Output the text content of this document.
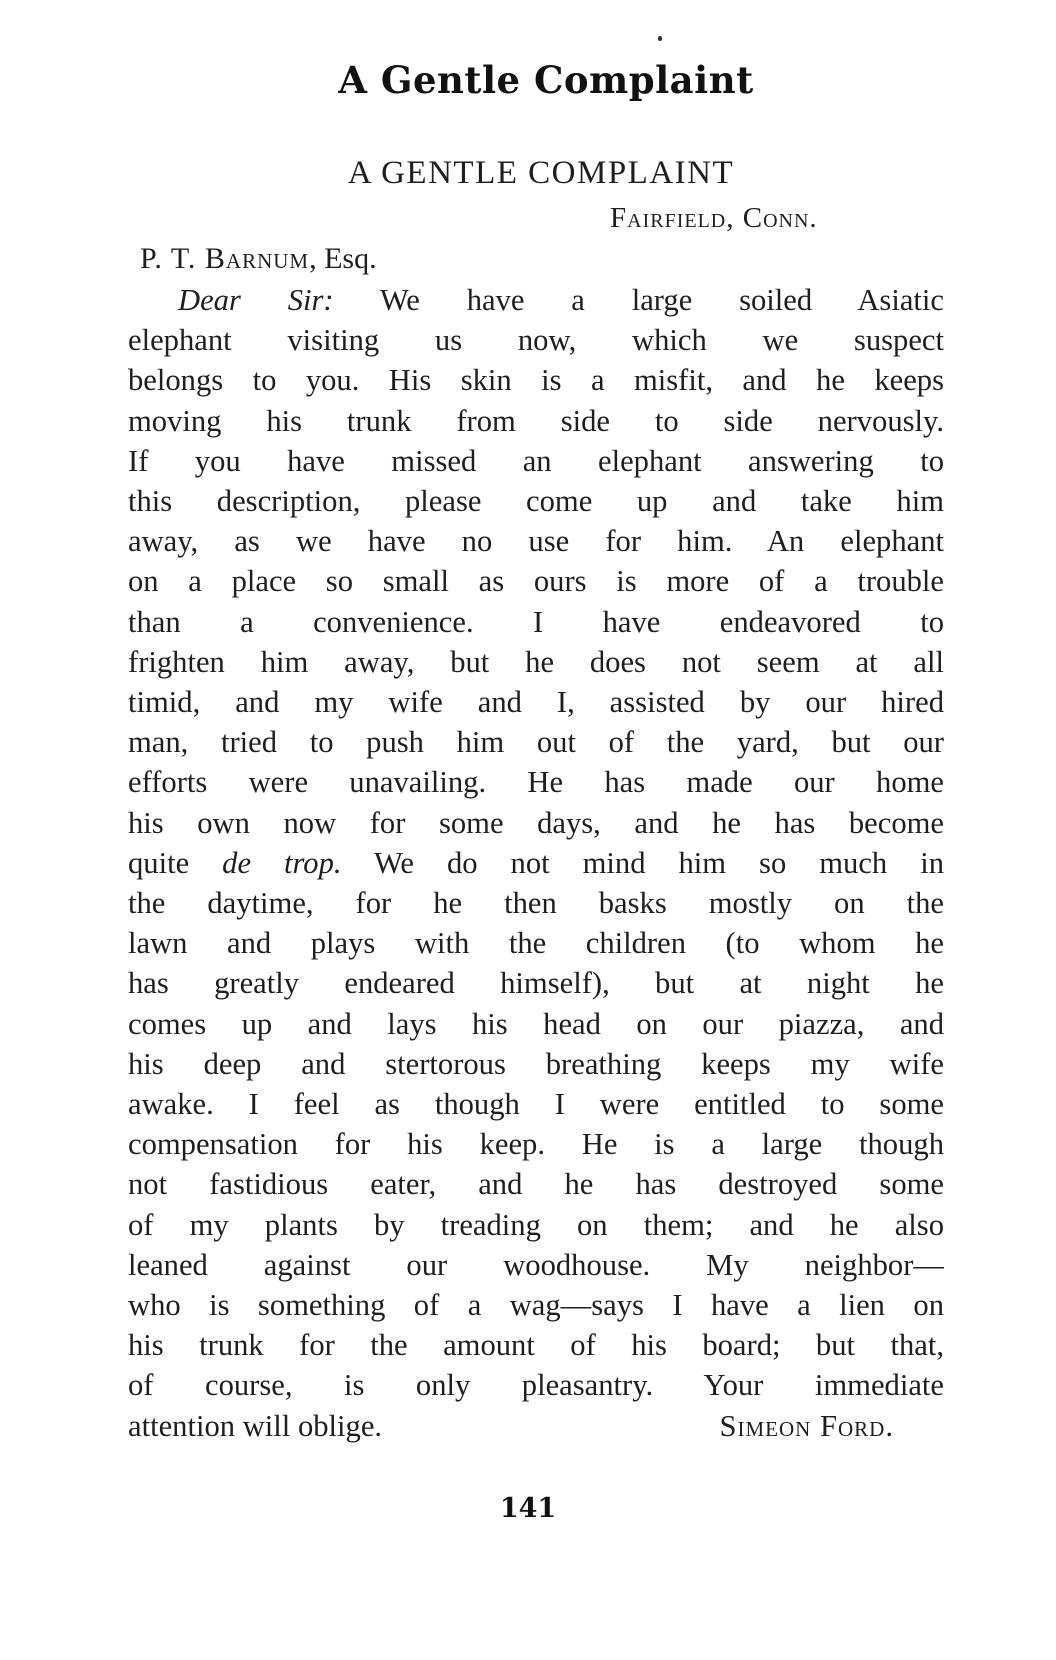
A Gentle Complaint
A GENTLE COMPLAINT
Fairfield, Conn.
P. T. Barnum, Esq.
Dear Sir: We have a large soiled Asiatic
elephant visiting us now, which we suspect
belongs to you. His skin is a misfit, and he keeps
moving his trunk from side to side nervously.
If you have missed an elephant answering to
this description, please come up and take him
away, as we have no use for him. An elephant
on a place so small as ours is more of a trouble
than a convenience. I have endeavored to
frighten him away, but he does not seem at all
timid, and my wife and I, assisted by our hired
man, tried to push him out of the yard, but our
efforts were unavailing. He has made our home
his own now for some days, and he has become
quite de trop. We do not mind him so much in
the daytime, for he then basks mostly on the
lawn and plays with the children (to whom he
has greatly endeared himself), but at night he
comes up and lays his head on our piazza, and
his deep and stertorous breathing keeps my wife
awake. I feel as though I were entitled to some
compensation for his keep. He is a large though
not fastidious eater, and he has destroyed some
of my plants by treading on them; and he also
leaned against our woodhouse. My neighbor—
who is something of a wag—says I have a lien on
his trunk for the amount of his board; but that,
of course, is only pleasantry. Your immediate
attention will oblige.	Simeon Ford.
141
